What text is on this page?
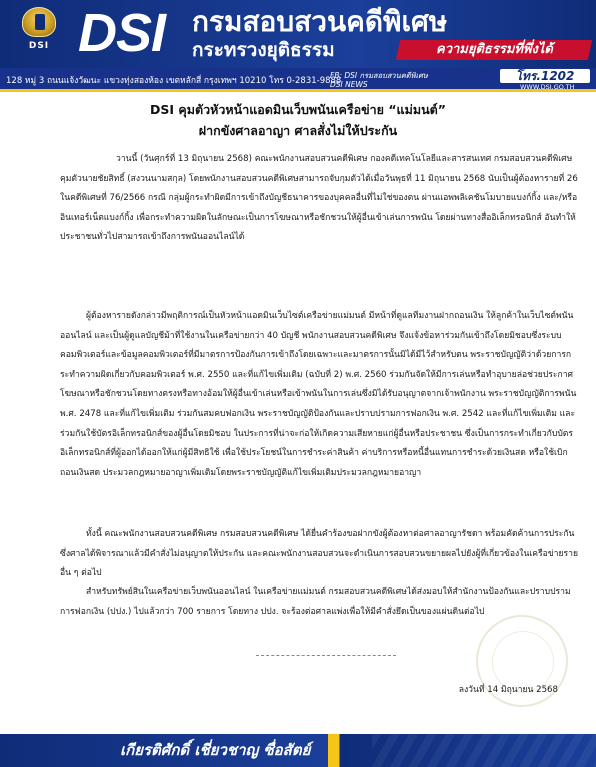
DSI DSI กรมสอบสวนคดีพิเศษ
กระทรวงยุติธรรม	ความยุติธรรมที่พึ่งได้
128 หมู่ 3 ถนนแจ้งวัฒนะ แขวงทุ่งสองห้อง เขตหลักสี่ กรุงเทพฯ 10210 โทร 0-2831-9888
FB: DSI กรมสอบสวนคดีพิเศษ
DSI NEWS
โทร.1202
WWW.DSI.GO.TH
DSI คุมตัวหัวหน้าแอดมินเว็บพนันเครือข่าย “แม่มนต์”
ฝากขังศาลอาญา ศาลสั่งไม่ให้ประกัน
วานนี้ (วันศุกร์ที่ 13 มิถุนายน 2568) คณะพนักงานสอบสวนคดีพิเศษ กองคดีเทคโนโลยีและสารสนเทศ กรมสอบสวนคดีพิเศษ คุมตัวนายชัยสิทธิ์ (สงวนนามสกุล) โดยพนักงานสอบสวนคดีพิเศษสามารถจับกุมตัวได้เมื่อวันพุธที่ 11 มิถุนายน 2568 นับเป็นผู้ต้องหารายที่ 26 ในคดีพิเศษที่ 76/2566 กรณี กลุ่มผู้กระทำผิดมีการเข้าถึงบัญชีธนาคารของบุคคลอื่นที่ไม่ใช่ของตน ผ่านแอพพลิเคชันโมบายแบงก์กิ้ง และ/หรือ อินเทอร์เน็ตแบงก์กิ้ง เพื่อกระทำความผิดในลักษณะเป็นการโฆษณาหรือชักชวนให้ผู้อื่นเข้าเล่นการพนัน โดยผ่านทางสื่ออิเล็กทรอนิกส์ อันทำให้ประชาชนทั่วไปสามารถเข้าถึงการพนันออนไลน์ได้
ผู้ต้องหารายดังกล่าวมีพฤติการณ์เป็นหัวหน้าแอดมินเว็บไซต์เครือข่ายแม่มนต์ มีหน้าที่ดูแลทีมงานฝากถอนเงิน ให้ลูกค้าในเว็บไซต์พนันออนไลน์ และเป็นผู้ดูแลบัญชีม้าที่ใช้งานในเครือข่ายกว่า 40 บัญชี พนักงานสอบสวนคดีพิเศษ จึงแจ้งข้อหาร่วมกันเข้าถึงโดยมิชอบซึ่งระบบคอมพิวเตอร์และข้อมูลคอมพิวเตอร์ที่มีมาตรการป้องกันการเข้าถึงโดยเฉพาะและมาตรการนั้นมิได้มีไว้สำหรับตน พระราชบัญญัติว่าด้วยการกระทำความผิดเกี่ยวกับคอมพิวเตอร์ พ.ศ. 2550 และที่แก้ไขเพิ่มเติม (ฉบับที่ 2) พ.ศ. 2560 ร่วมกันจัดให้มีการเล่นหรือทำอุบายล่อช่วยประกาศโฆษณาหรือชักชวนโดยทางตรงหรือทางอ้อมให้ผู้อื่นเข้าเล่นหรือเข้าพนันในการเล่นซึ่งมิได้รับอนุญาตจากเจ้าพนักงาน พระราชบัญญัติการพนัน พ.ศ. 2478 และที่แก้ไขเพิ่มเติม ร่วมกันสมคบฟอกเงิน พระราชบัญญัติป้องกันและปราบปรามการฟอกเงิน พ.ศ. 2542 และที่แก้ไขเพิ่มเติม และร่วมกันใช้บัตรอิเล็กทรอนิกส์ของผู้อื่นโดยมิชอบ ในประการที่น่าจะก่อให้เกิดความเสียหายแก่ผู้อื่นหรือประชาชน ซึ่งเป็นการกระทำเกี่ยวกับบัตรอิเล็กทรอนิกส์ที่ผู้ออกได้ออกให้แก่ผู้มีสิทธิใช้ เพื่อใช้ประโยชน์ในการชำระค่าสินค้า ค่าบริการหรือหนี้อื่นแทนการชำระด้วยเงินสด หรือใช้เบิกถอนเงินสด ประมวลกฎหมายอาญาเพิ่มเติมโดยพระราชบัญญัติแก้ไขเพิ่มเติมประมวลกฎหมายอาญา
ทั้งนี้ คณะพนักงานสอบสวนคดีพิเศษ กรมสอบสวนคดีพิเศษ ได้ยื่นคำร้องขอฝากขังผู้ต้องหาต่อศาลอาญารัชดา พร้อมคัดค้านการประกัน ซึ่งศาลได้พิจารณาแล้วมีคำสั่งไม่อนุญาตให้ประกัน และคณะพนักงานสอบสวนจะดำเนินการสอบสวนขยายผลไปยังผู้ที่เกี่ยวข้องในเครือข่ายรายอื่น ๆ ต่อไป
สำหรับทรัพย์สินในเครือข่ายเว็บพนันออนไลน์ ในเครือข่ายแม่มนต์ กรมสอบสวนคดีพิเศษได้ส่งมอบให้สำนักงานป้องกันและปราบปรามการฟอกเงิน (ปปง.) ไปแล้วกว่า 700 รายการ โดยทาง ปปง. จะร้องต่อศาลแพ่งเพื่อให้มีคำสั่งยึดเป็นของแผ่นดินต่อไป
ลงวันที่ 14 มิถุนายน 2568
เกียรติศักดิ์ เชี่ยวชาญ ซื่อสัตย์
